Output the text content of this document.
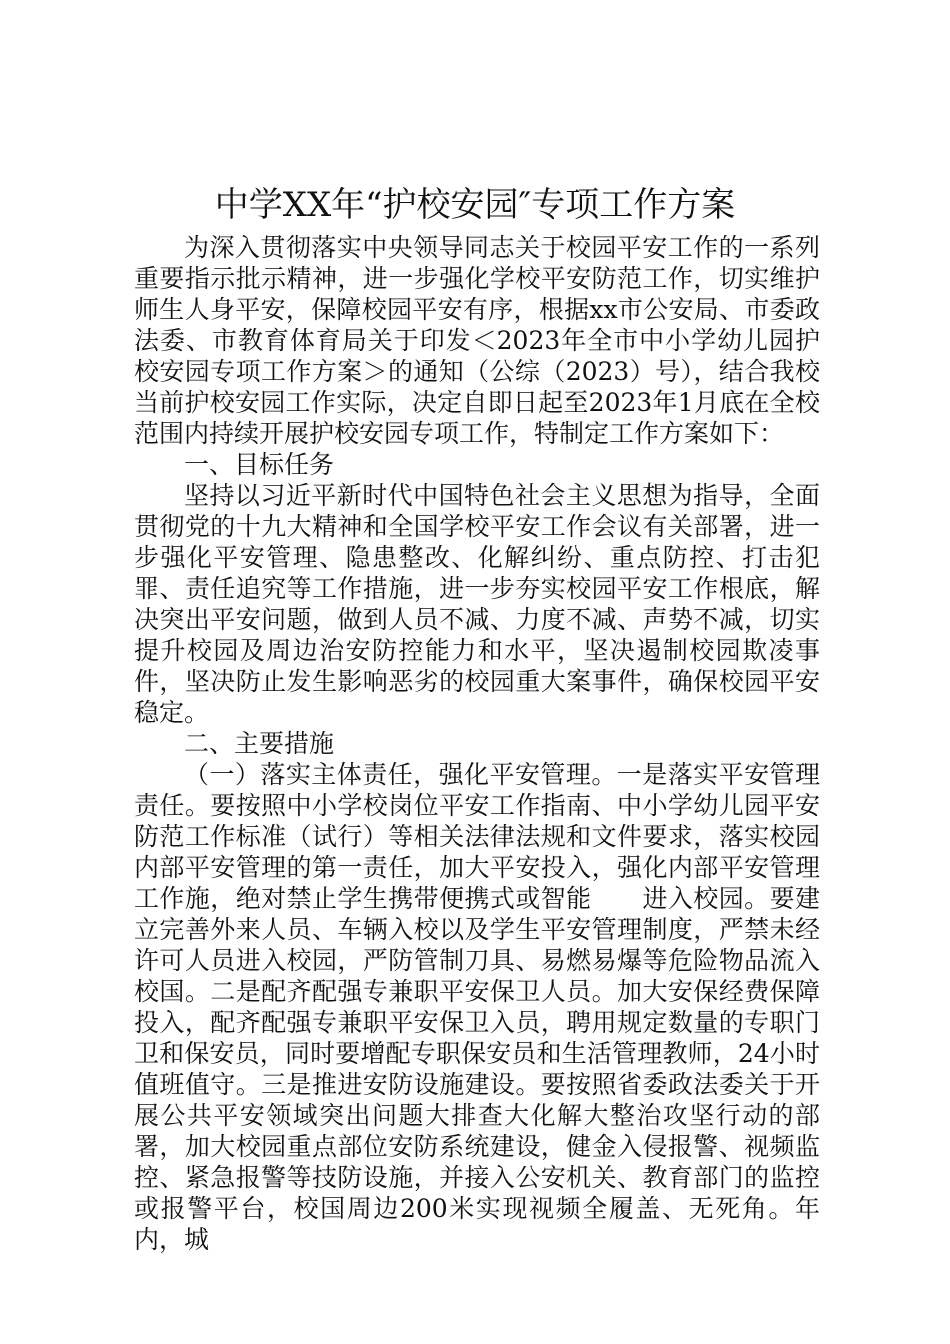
中学XX年“护校安园″专项工作方案

为深入贯彻落实中央领导同志关于校园平安工作的一系列重要指示批示精神，进一步强化学校平安防范工作，切实维护师生人身平安，保障校园平安有序，根据xx市公安局、市委政法委、市教育体育局关于印发＜2023年全市中小学幼儿园护校安园专项工作方案＞的通知（公综（2023）号），结合我校当前护校安园工作实际，决定自即日起至2023年1月底在全校范围内持续开展护校安园专项工作，特制定工作方案如下：

一、目标任务

坚持以习近平新时代中国特色社会主义思想为指导，全面贯彻党的十九大精神和全国学校平安工作会议有关部署，进一步强化平安管理、隐患整改、化解纠纷、重点防控、打击犯罪、责任追究等工作措施，进一步夯实校园平安工作根底，解决突出平安问题，做到人员不减、力度不减、声势不减，切实提升校园及周边治安防控能力和水平，坚决遏制校园欺凌事件，坚决防止发生影响恶劣的校园重大案事件，确保校园平安稳定。

二、主要措施

（一）落实主体责任，强化平安管理。一是落实平安管理责任。要按照中小学校岗位平安工作指南、中小学幼儿园平安防范工作标准（试行）等相关法律法规和文件要求，落实校园内部平安管理的第一责任，加大平安投入，强化内部平安管理工作施，绝对禁止学生携带便携式或智能　　进入校园。要建立完善外来人员、车辆入校以及学生平安管理制度，严禁未经许可人员进入校园，严防管制刀具、易燃易爆等危险物品流入校国。二是配齐配强专兼职平安保卫人员。加大安保经费保障投入，配齐配强专兼职平安保卫入员，聘用规定数量的专职门卫和保安员，同时要增配专职保安员和生活管理教师，24小时值班值守。三是推进安防设施建设。要按照省委政法委关于开展公共平安领域突出问题大排查大化解大整治攻坚行动的部署，加大校园重点部位安防系统建设，健金入侵报警、视频监控、紧急报警等技防设施，并接入公安机关、教育部门的监控或报警平台，校国周边200米实现视频全履盖、无死角。年内，城
